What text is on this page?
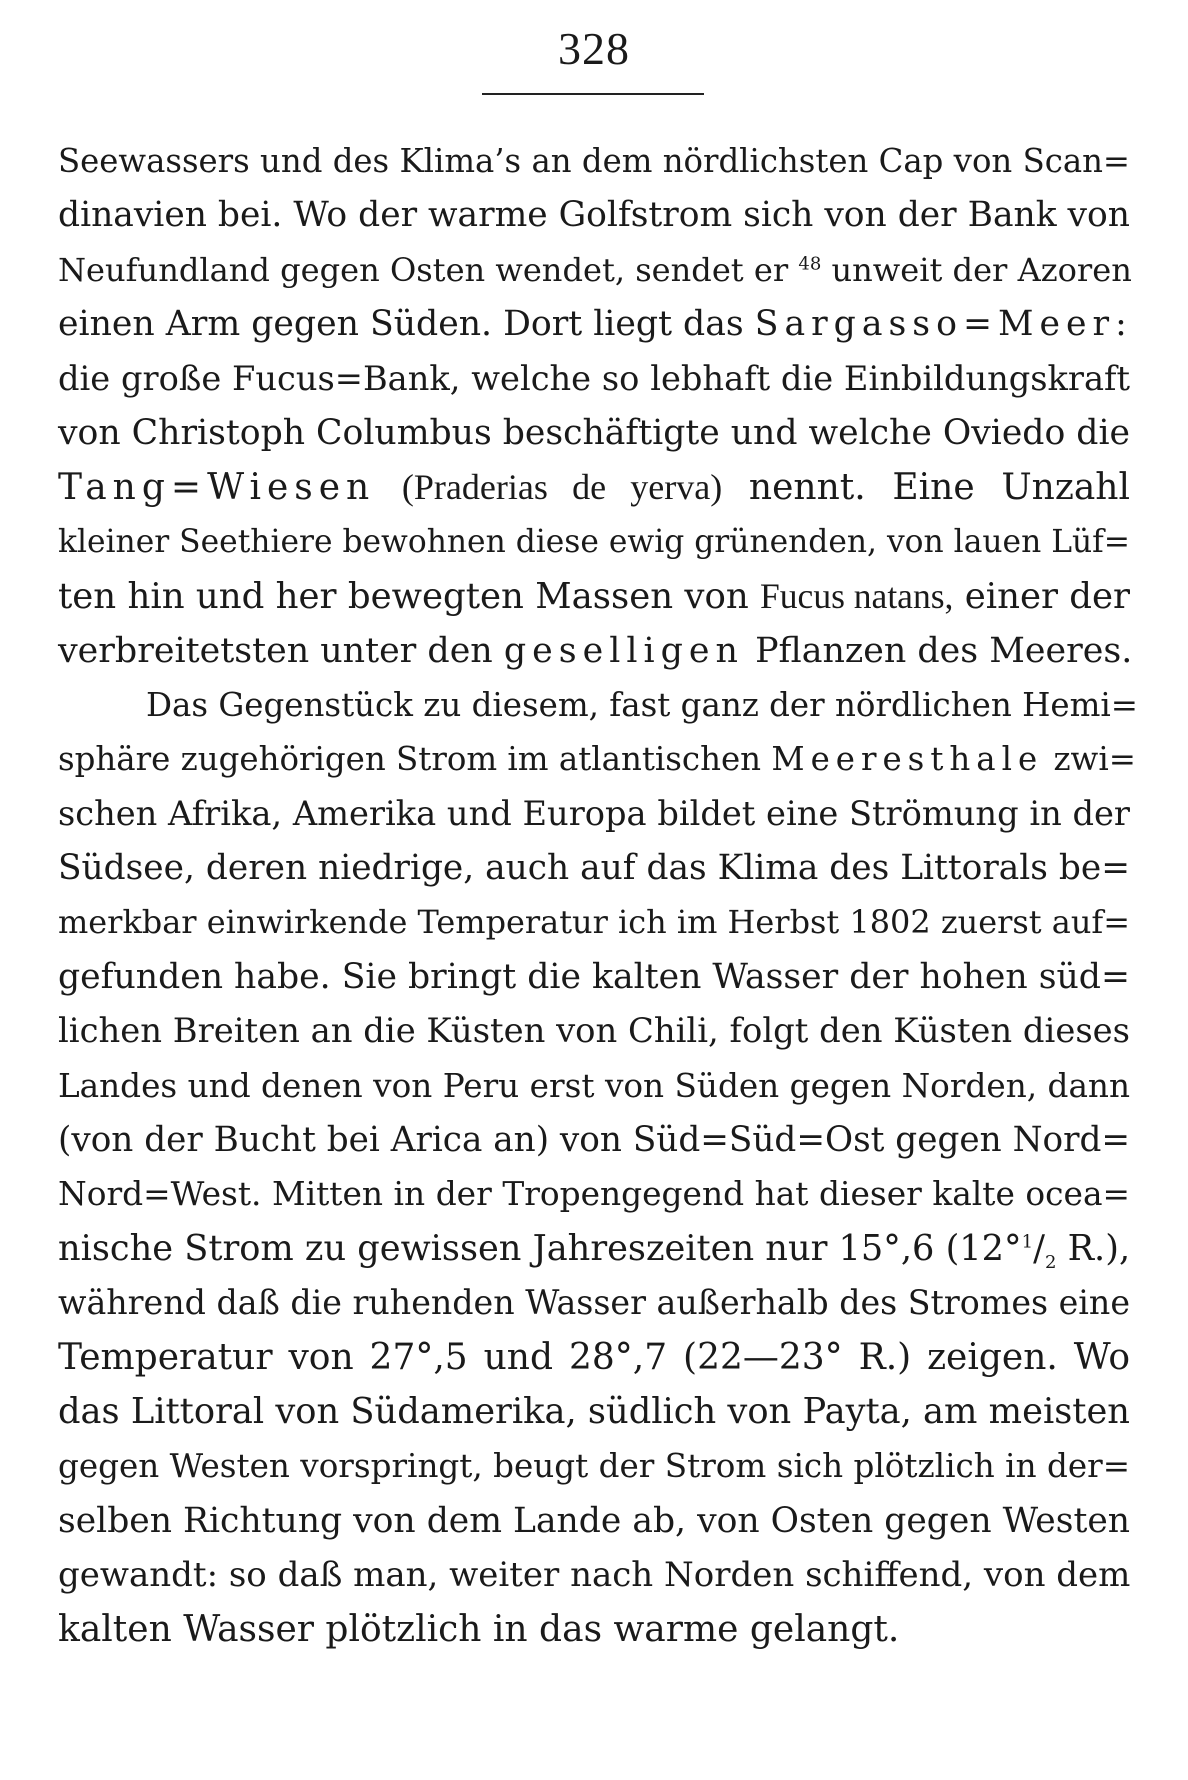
328
Seewassers und des Klima’s an dem nördlichsten Cap von Scan=
dinavien bei. Wo der warme Golfstrom sich von der Bank von
Neufundland gegen Osten wendet, sendet er $^{48}$ unweit der Azoren
einen Arm gegen Süden. Dort liegt das Sargasso=Meer:
die große Fucus=Bank, welche so lebhaft die Einbildungskraft
von Christoph Columbus beschäftigte und welche Oviedo die
Tang=Wiesen (Praderias de yerva) nennt. Eine Unzahl
kleiner Seethiere bewohnen diese ewig grünenden, von lauen Lüf=
ten hin und her bewegten Massen von Fucus natans, einer der
verbreitetsten unter den geselligen Pflanzen des Meeres.
Das Gegenstück zu diesem, fast ganz der nördlichen Hemi=
sphäre zugehörigen Strom im atlantischen Meeresthale zwi=
schen Afrika, Amerika und Europa bildet eine Strömung in der
Südsee, deren niedrige, auch auf das Klima des Littorals be=
merkbar einwirkende Temperatur ich im Herbst 1802 zuerst auf=
gefunden habe. Sie bringt die kalten Wasser der hohen süd=
lichen Breiten an die Küsten von Chili, folgt den Küsten dieses
Landes und denen von Peru erst von Süden gegen Norden, dann
(von der Bucht bei Arica an) von Süd=Süd=Ost gegen Nord=
Nord=West. Mitten in der Tropengegend hat dieser kalte ocea=
nische Strom zu gewissen Jahreszeiten nur 15°,6 ($12^\circ^1/_2$ R.),
während daß die ruhenden Wasser außerhalb des Stromes eine
Temperatur von 27°,5 und 28°,7 (22—23° R.) zeigen. Wo
das Littoral von Südamerika, südlich von Payta, am meisten
gegen Westen vorspringt, beugt der Strom sich plötzlich in der=
selben Richtung von dem Lande ab, von Osten gegen Westen
gewandt: so daß man, weiter nach Norden schiffend, von dem
kalten Wasser plötzlich in das warme gelangt.
